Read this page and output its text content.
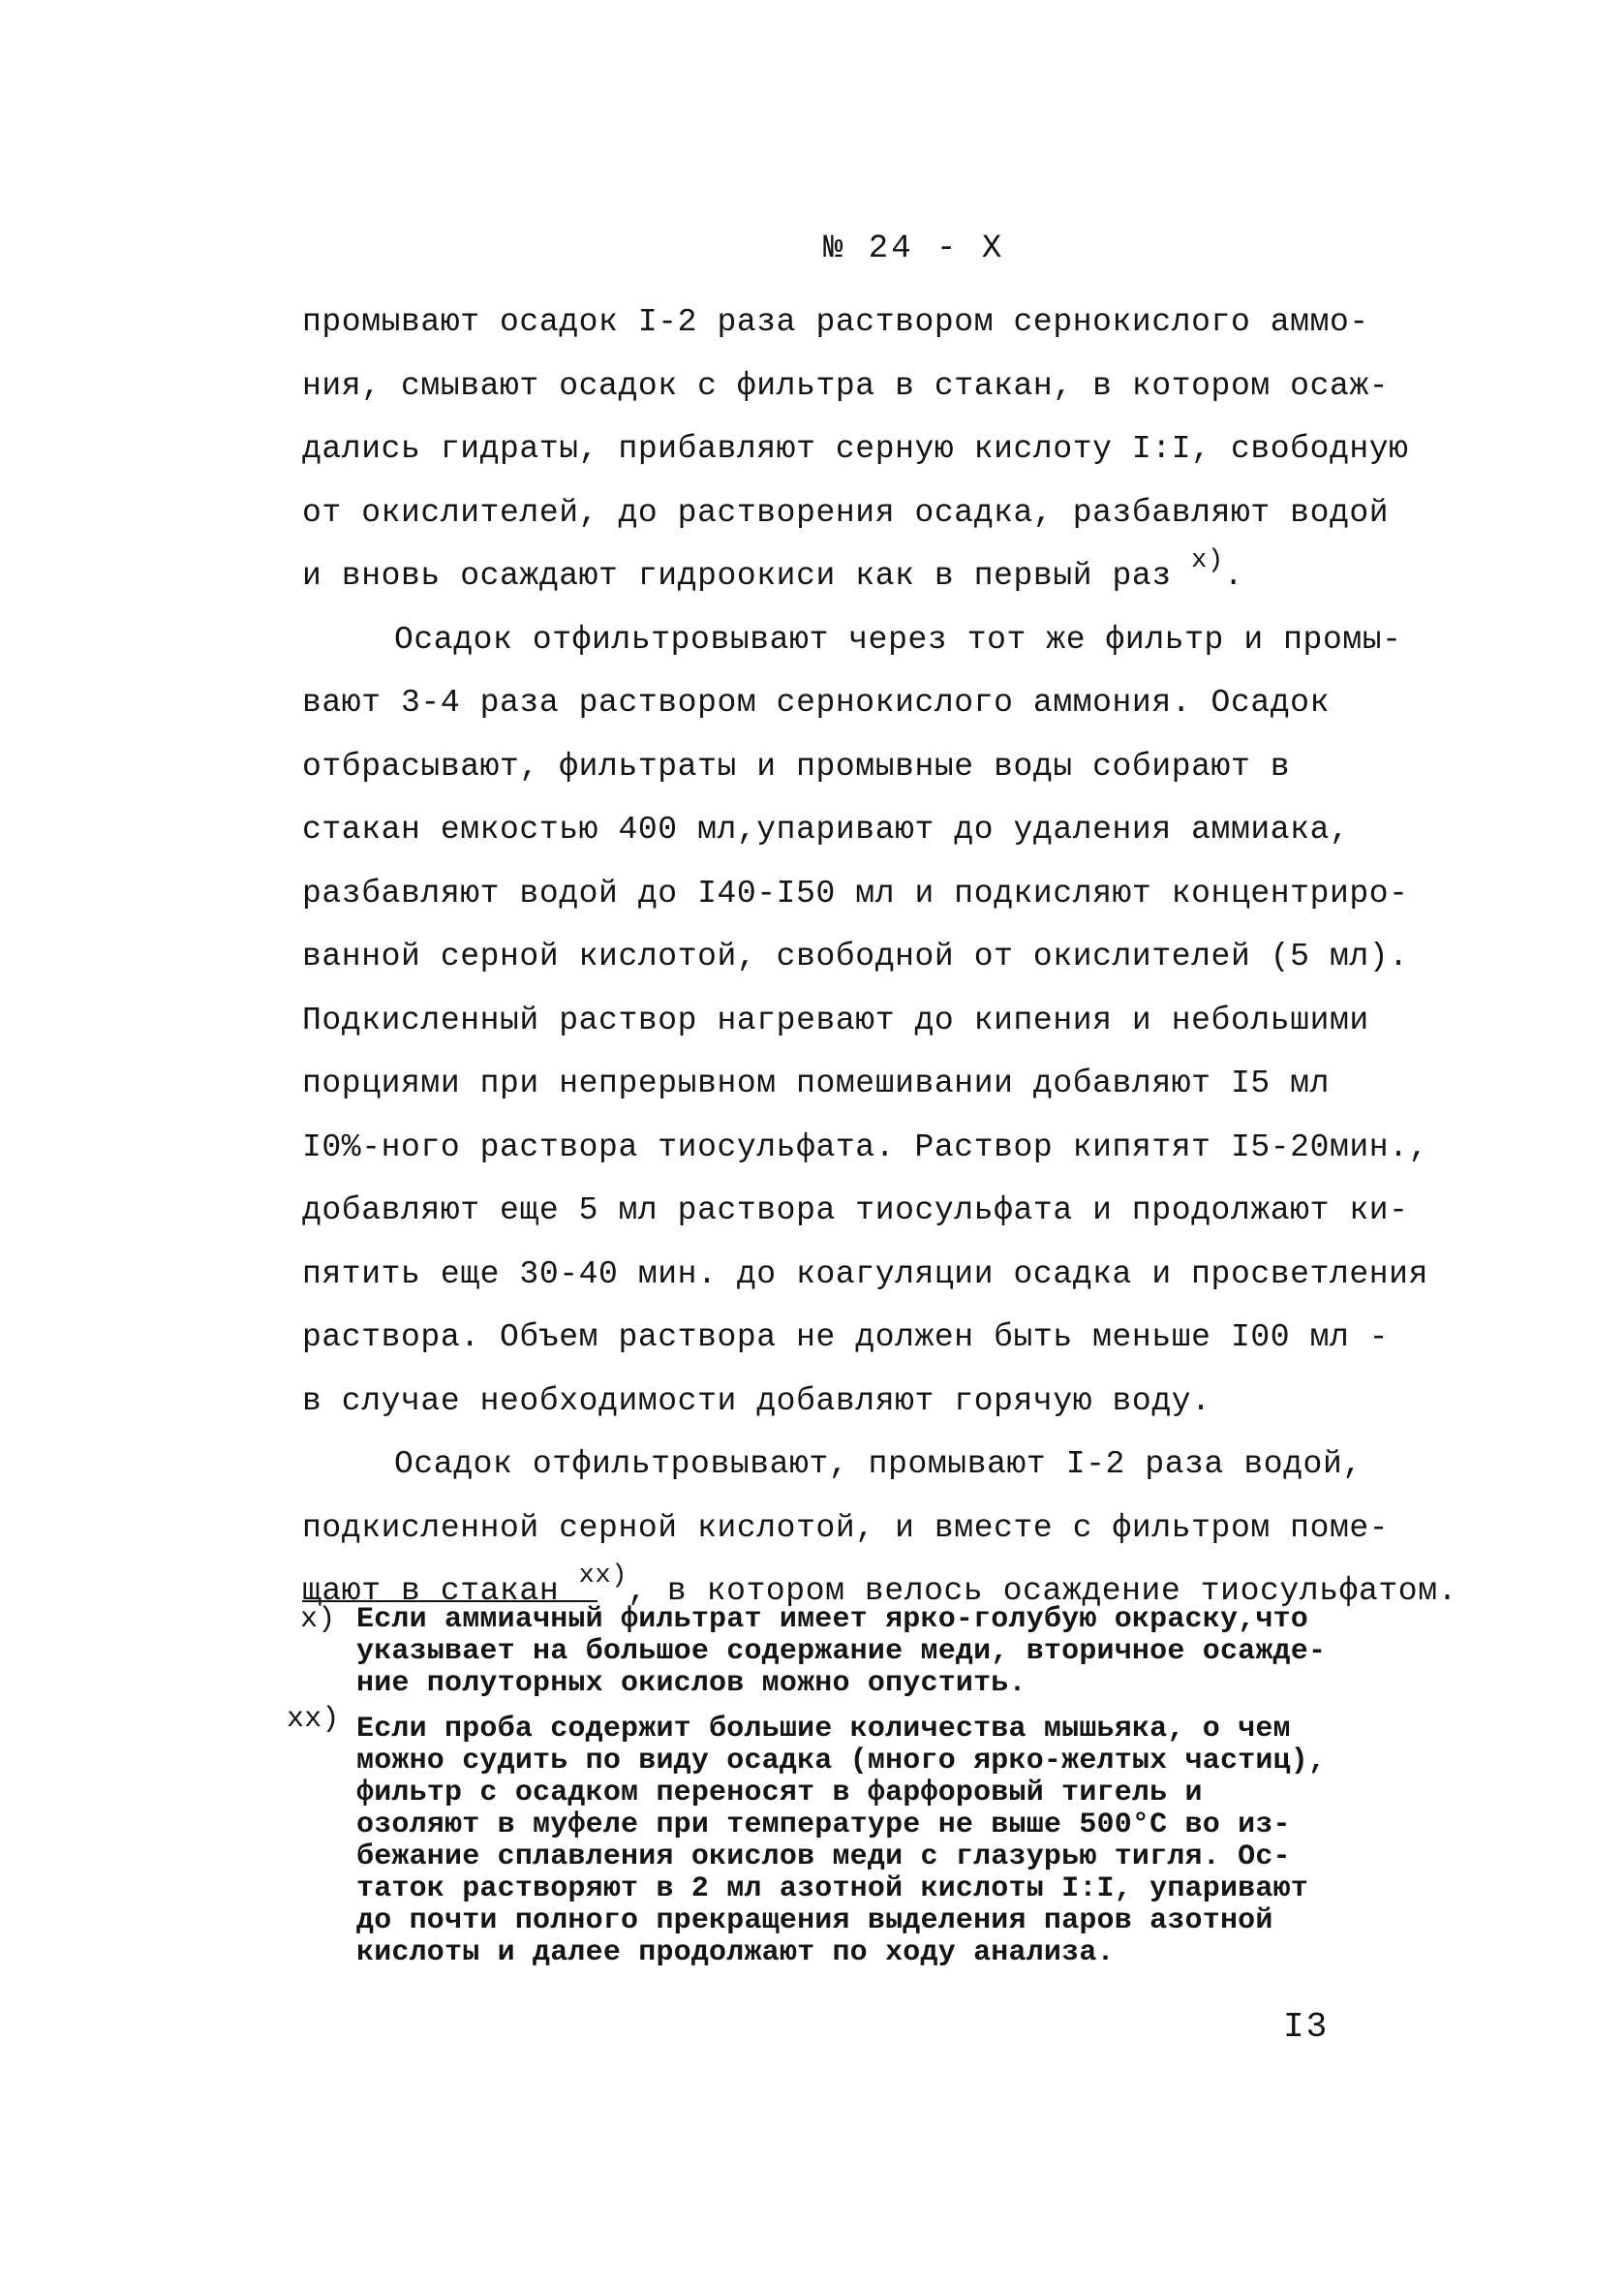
№ 24 - X

промывают осадок I-2 раза раствором сернокислого аммо-
ния, смывают осадок с фильтра в стакан, в котором осаж-
дались гидраты, прибавляют серную кислоту I:I, свободную
от окислителей, до растворения осадка, разбавляют водой
и вновь осаждают гидроокиси как в первый раз $^{x)}$.

Осадок отфильтровывают через тот же фильтр и промы-
вают 3-4 раза раствором сернокислого аммония. Осадок
отбрасывают, фильтраты и промывные воды собирают в
стакан емкостью 400 мл,упаривают до удаления аммиака,
разбавляют водой до I40-I50 мл и подкисляют концентриро-
ванной серной кислотой, свободной от окислителей (5 мл).
Подкисленный раствор нагревают до кипения и небольшими
порциями при непрерывном помешивании добавляют I5 мл
I0%-ного раствора тиосульфата. Раствор кипятят I5-20мин.,
добавляют еще 5 мл раствора тиосульфата и продолжают ки-
пятить еще 30-40 мин. до коагуляции осадка и просветления
раствора. Объем раствора не должен быть меньше I00 мл -
в случае необходимости добавляют горячую воду.

Осадок отфильтровывают, промывают I-2 раза водой,
подкисленной серной кислотой, и вместе с фильтром поме-
щают в стакан $^{xx)}$, в котором велось осаждение тиосульфатом.

x) Если аммиачный фильтрат имеет ярко-голубую окраску,что
указывает на большое содержание меди, вторичное осажде-
ние полуторных окислов можно опустить.
xx) Если проба содержит большие количества мышьяка, о чем
можно судить по виду осадка (много ярко-желтых частиц),
фильтр с осадком переносят в фарфоровый тигель и
озоляют в муфеле при температуре не выше 500°С во из-
бежание сплавления окислов меди с глазурью тигля. Ос-
таток растворяют в 2 мл азотной кислоты I:I, упаривают
до почти полного прекращения выделения паров азотной
кислоты и далее продолжают по ходу анализа.
I3
